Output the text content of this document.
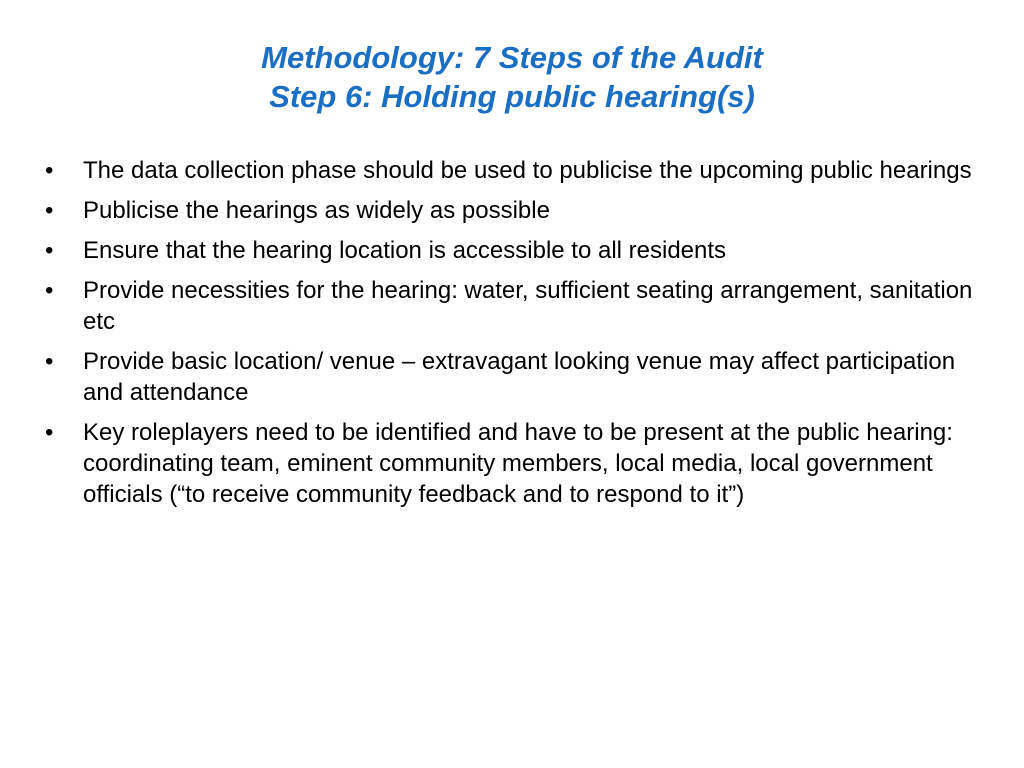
Methodology: 7 Steps of the Audit
Step 6: Holding public hearing(s)
•	The data collection phase should be used to publicise the upcoming public hearings
•	Publicise the hearings as widely as possible
•	Ensure that the hearing location is accessible to all residents
•	Provide necessities for the hearing: water, sufficient seating arrangement, sanitation etc
•	Provide basic location/ venue – extravagant looking venue may affect participation and attendance
•	Key roleplayers need to be identified and have to be present at the public hearing: coordinating team, eminent community members, local media, local government officials (“to receive community feedback and to respond to it”)
